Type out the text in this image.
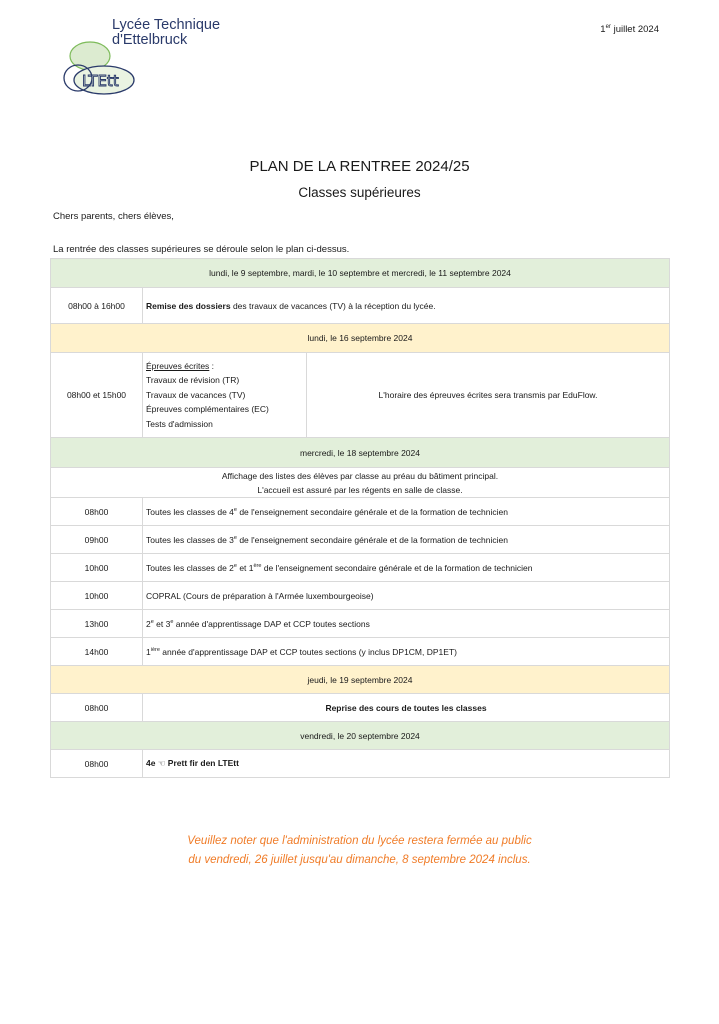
LTEtt
Lycée Technique
d'Ettelbruck
1er juillet 2024
PLAN DE LA RENTREE 2024/25
Classes supérieures
Chers parents, chers élèves,
La rentrée des classes supérieures se déroule selon le plan ci-dessus.
lundi, le 9 septembre, mardi, le 10 septembre et mercredi, le 11 septembre 2024		
08h00 à 16h00	Remise des dossiers des travaux de vacances (TV) à la réception du lycée.	
lundi, le 16 septembre 2024		
08h00 et 15h00	Épreuves écrites :
Travaux de révision (TR)
Travaux de vacances (TV)
Épreuves complémentaires (EC)
Tests d'admission	L'horaire des épreuves écrites sera transmis par EduFlow.
mercredi, le 18 septembre 2024		

Affichage des listes des élèves par classe au préau du bâtiment principal.
L'accueil est assuré par les régents en salle de classe.		

08h00	Toutes les classes de 4e de l'enseignement secondaire générale et de la formation de technicien	
09h00	Toutes les classes de 3e de l'enseignement secondaire générale et de la formation de technicien	
10h00	Toutes les classes de 2e et 1ère de l'enseignement secondaire générale et de la formation de technicien	
10h00	COPRAL (Cours de préparation à l'Armée luxembourgeoise)	
13h00	2e et 3e année d'apprentissage DAP et CCP toutes sections	
14h00	$1^{ière}$ année d'apprentissage DAP et CCP toutes sections (y inclus DP1CM, DP1ET)	
jeudi, le 19 septembre 2024		
08h00	Reprise des cours de toutes les classes	
vendredi, le 20 septembre 2024		
08h00	4e ☜ Prett fir den LTEtt	
Veuillez noter que l'administration du lycée restera fermée au public
du vendredi, 26 juillet jusqu'au dimanche, 8 septembre 2024 inclus.
